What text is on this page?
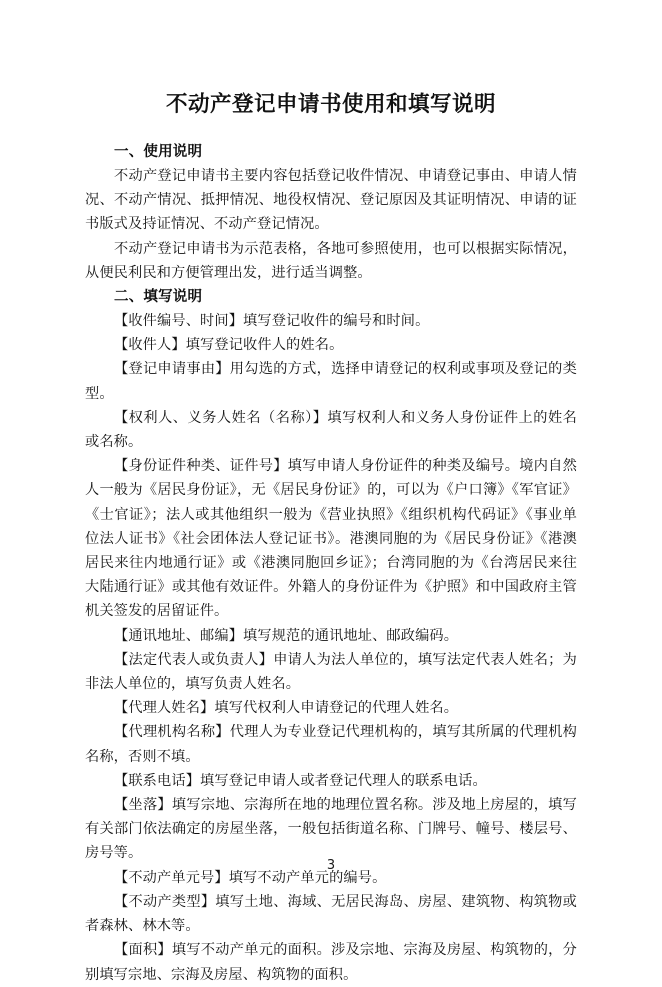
不动产登记申请书使用和填写说明
一、使用说明

不动产登记申请书主要内容包括登记收件情况、申请登记事由、申请人情况、不动产情况、抵押情况、地役权情况、登记原因及其证明情况、申请的证书版式及持证情况、不动产登记情况。

不动产登记申请书为示范表格，各地可参照使用，也可以根据实际情况，从便民利民和方便管理出发，进行适当调整。

二、填写说明

【收件编号、时间】填写登记收件的编号和时间。

【收件人】填写登记收件人的姓名。

【登记申请事由】用勾选的方式，选择申请登记的权利或事项及登记的类型。

【权利人、义务人姓名（名称）】填写权利人和义务人身份证件上的姓名或名称。

【身份证件种类、证件号】填写申请人身份证件的种类及编号。境内自然人一般为《居民身份证》，无《居民身份证》的，可以为《户口簿》《军官证》《士官证》；法人或其他组织一般为《营业执照》《组织机构代码证》《事业单位法人证书》《社会团体法人登记证书》。港澳同胞的为《居民身份证》《港澳居民来往内地通行证》或《港澳同胞回乡证》；台湾同胞的为《台湾居民来往大陆通行证》或其他有效证件。外籍人的身份证件为《护照》和中国政府主管机关签发的居留证件。

【通讯地址、邮编】填写规范的通讯地址、邮政编码。

【法定代表人或负责人】申请人为法人单位的，填写法定代表人姓名；为非法人单位的，填写负责人姓名。

【代理人姓名】填写代权利人申请登记的代理人姓名。

【代理机构名称】代理人为专业登记代理机构的，填写其所属的代理机构名称，否则不填。

【联系电话】填写登记申请人或者登记代理人的联系电话。

【坐落】填写宗地、宗海所在地的地理位置名称。涉及地上房屋的，填写有关部门依法确定的房屋坐落，一般包括街道名称、门牌号、幢号、楼层号、房号等。

【不动产单元号】填写不动产单元的编号。

【不动产类型】填写土地、海域、无居民海岛、房屋、建筑物、构筑物或者森林、林木等。

【面积】填写不动产单元的面积。涉及宗地、宗海及房屋、构筑物的，分别填写宗地、宗海及房屋、构筑物的面积。

3
